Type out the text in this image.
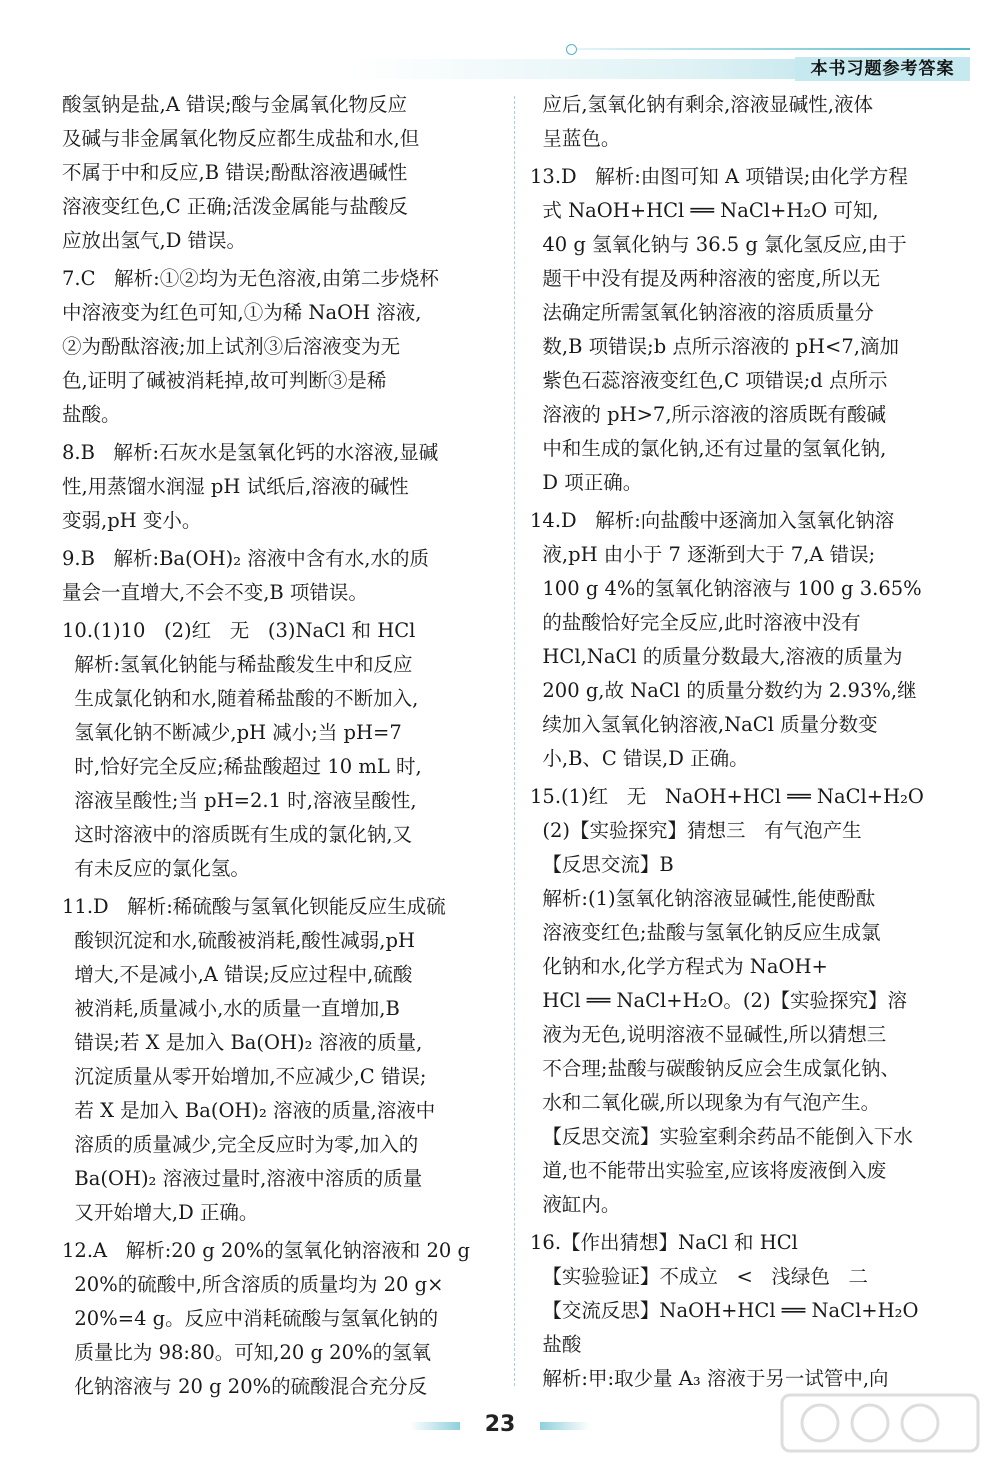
本书习题参考答案
酸氢钠是盐,A 错误;酸与金属氧化物反应
及碱与非金属氧化物反应都生成盐和水,但
不属于中和反应,B 错误;酚酞溶液遇碱性
溶液变红色,C 正确;活泼金属能与盐酸反
应放出氢气,D 错误。
7.C   解析:①②均为无色溶液,由第二步烧杯
中溶液变为红色可知,①为稀 NaOH 溶液,
②为酚酞溶液;加上试剂③后溶液变为无
色,证明了碱被消耗掉,故可判断③是稀
盐酸。
8.B   解析:石灰水是氢氧化钙的水溶液,显碱
性,用蒸馏水润湿 pH 试纸后,溶液的碱性
变弱,pH 变小。
9.B   解析:Ba(OH)₂ 溶液中含有水,水的质
量会一直增大,不会不变,B 项错误。
10.(1)10   (2)红   无   (3)NaCl 和 HCl
解析:氢氧化钠能与稀盐酸发生中和反应
生成氯化钠和水,随着稀盐酸的不断加入,
氢氧化钠不断减少,pH 减小;当 pH=7
时,恰好完全反应;稀盐酸超过 10 mL 时,
溶液呈酸性;当 pH=2.1 时,溶液呈酸性,
这时溶液中的溶质既有生成的氯化钠,又
有未反应的氯化氢。
11.D   解析:稀硫酸与氢氧化钡能反应生成硫
酸钡沉淀和水,硫酸被消耗,酸性减弱,pH
增大,不是减小,A 错误;反应过程中,硫酸
被消耗,质量减小,水的质量一直增加,B
错误;若 X 是加入 Ba(OH)₂ 溶液的质量,
沉淀质量从零开始增加,不应减少,C 错误;
若 X 是加入 Ba(OH)₂ 溶液的质量,溶液中
溶质的质量减少,完全反应时为零,加入的
Ba(OH)₂ 溶液过量时,溶液中溶质的质量
又开始增大,D 正确。
12.A   解析:20 g 20%的氢氧化钠溶液和 20 g
20%的硫酸中,所含溶质的质量均为 20 g×
20%=4 g。反应中消耗硫酸与氢氧化钠的
质量比为 98:80。可知,20 g 20%的氢氧
化钠溶液与 20 g 20%的硫酸混合充分反
应后,氢氧化钠有剩余,溶液显碱性,液体
呈蓝色。
13.D   解析:由图可知 A 项错误;由化学方程
式 NaOH+HCl ══ NaCl+H₂O 可知,
40 g 氢氧化钠与 36.5 g 氯化氢反应,由于
题干中没有提及两种溶液的密度,所以无
法确定所需氢氧化钠溶液的溶质质量分
数,B 项错误;b 点所示溶液的 pH<7,滴加
紫色石蕊溶液变红色,C 项错误;d 点所示
溶液的 pH>7,所示溶液的溶质既有酸碱
中和生成的氯化钠,还有过量的氢氧化钠,
D 项正确。
14.D   解析:向盐酸中逐滴加入氢氧化钠溶
液,pH 由小于 7 逐渐到大于 7,A 错误;
100 g 4%的氢氧化钠溶液与 100 g 3.65%
的盐酸恰好完全反应,此时溶液中没有
HCl,NaCl 的质量分数最大,溶液的质量为
200 g,故 NaCl 的质量分数约为 2.93%,继
续加入氢氧化钠溶液,NaCl 质量分数变
小,B、C 错误,D 正确。
15.(1)红   无   NaOH+HCl ══ NaCl+H₂O
(2)【实验探究】猜想三   有气泡产生
【反思交流】B
解析:(1)氢氧化钠溶液显碱性,能使酚酞
溶液变红色;盐酸与氢氧化钠反应生成氯
化钠和水,化学方程式为 NaOH+
HCl ══ NaCl+H₂O。(2)【实验探究】溶
液为无色,说明溶液不显碱性,所以猜想三
不合理;盐酸与碳酸钠反应会生成氯化钠、
水和二氧化碳,所以现象为有气泡产生。
【反思交流】实验室剩余药品不能倒入下水
道,也不能带出实验室,应该将废液倒入废
液缸内。
16.【作出猜想】NaCl 和 HCl
【实验验证】不成立   <   浅绿色   二
【交流反思】NaOH+HCl ══ NaCl+H₂O
盐酸
解析:甲:取少量 A₃ 溶液于另一试管中,向
23
